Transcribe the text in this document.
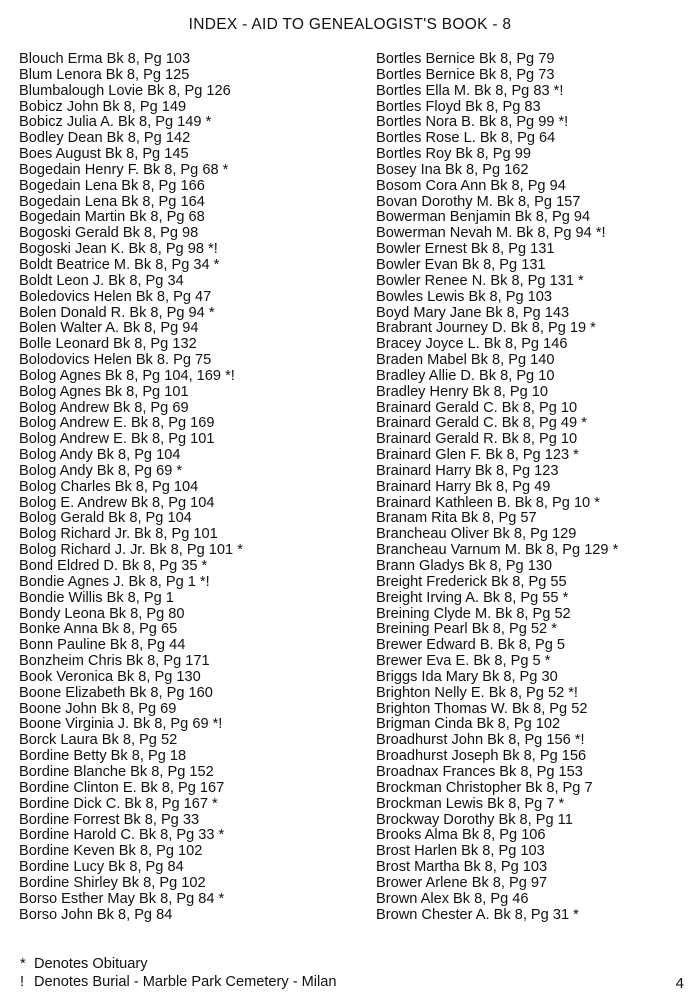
INDEX - AID TO GENEALOGIST'S BOOK - 8
Blouch Erma Bk 8, Pg 103
Blum Lenora Bk 8, Pg 125
Blumbalough Lovie Bk 8, Pg 126
Bobicz John Bk 8, Pg 149
Bobicz Julia A. Bk 8, Pg 149 *
Bodley Dean Bk 8, Pg 142
Boes August Bk 8, Pg 145
Bogedain Henry F. Bk 8, Pg 68 *
Bogedain Lena Bk 8, Pg 166
Bogedain Lena Bk 8, Pg 164
Bogedain Martin Bk 8, Pg 68
Bogoski Gerald Bk 8, Pg 98
Bogoski Jean K. Bk 8, Pg 98 *!
Boldt Beatrice M. Bk 8, Pg 34 *
Boldt Leon J. Bk 8, Pg 34
Boledovics Helen Bk 8, Pg 47
Bolen Donald R. Bk 8, Pg 94 *
Bolen Walter A. Bk 8, Pg 94
Bolle Leonard Bk 8, Pg 132
Bolodovics Helen Bk 8. Pg 75
Bolog Agnes Bk 8, Pg 104, 169 *!
Bolog Agnes Bk 8, Pg 101
Bolog Andrew Bk 8, Pg 69
Bolog Andrew E. Bk 8, Pg 169
Bolog Andrew E. Bk 8, Pg 101
Bolog Andy Bk 8, Pg 104
Bolog Andy Bk 8, Pg 69 *
Bolog Charles Bk 8, Pg 104
Bolog E. Andrew Bk 8, Pg 104
Bolog Gerald Bk 8, Pg 104
Bolog Richard Jr. Bk 8, Pg 101
Bolog Richard J. Jr. Bk 8, Pg 101 *
Bond Eldred D. Bk 8, Pg 35 *
Bondie Agnes J. Bk 8, Pg 1 *!
Bondie Willis Bk 8, Pg 1
Bondy Leona Bk 8, Pg 80
Bonke Anna Bk 8, Pg 65
Bonn Pauline Bk 8, Pg 44
Bonzheim Chris Bk 8, Pg 171
Book Veronica Bk 8, Pg 130
Boone Elizabeth Bk 8, Pg 160
Boone John Bk 8, Pg 69
Boone Virginia J. Bk 8, Pg 69 *!
Borck Laura Bk 8, Pg 52
Bordine Betty Bk 8, Pg 18
Bordine Blanche Bk 8, Pg 152
Bordine Clinton E. Bk 8, Pg 167
Bordine Dick C. Bk 8, Pg 167 *
Bordine Forrest Bk 8, Pg 33
Bordine Harold C. Bk 8, Pg 33 *
Bordine Keven Bk 8, Pg 102
Bordine Lucy Bk 8, Pg 84
Bordine Shirley Bk 8, Pg 102
Borso Esther May Bk 8, Pg 84 *
Borso John Bk 8, Pg 84
Bortles Bernice Bk 8, Pg 79
Bortles Bernice Bk 8, Pg 73
Bortles Ella M. Bk 8, Pg 83 *!
Bortles Floyd Bk 8, Pg 83
Bortles Nora B. Bk 8, Pg 99 *!
Bortles Rose L. Bk 8, Pg 64
Bortles Roy Bk 8, Pg 99
Bosey Ina Bk 8, Pg 162
Bosom Cora Ann Bk 8, Pg 94
Bovan Dorothy M. Bk 8, Pg 157
Bowerman Benjamin Bk 8, Pg 94
Bowerman Nevah M. Bk 8, Pg 94 *!
Bowler Ernest Bk 8, Pg 131
Bowler Evan Bk 8, Pg 131
Bowler Renee N. Bk 8, Pg 131 *
Bowles Lewis Bk 8, Pg 103
Boyd Mary Jane Bk 8, Pg 143
Brabrant Journey D. Bk 8, Pg 19 *
Bracey Joyce L. Bk 8, Pg 146
Braden Mabel Bk 8, Pg 140
Bradley Allie D. Bk 8, Pg 10
Bradley Henry Bk 8, Pg 10
Brainard Gerald C. Bk 8, Pg 10
Brainard Gerald C. Bk 8, Pg 49 *
Brainard Gerald R. Bk 8, Pg 10
Brainard Glen F. Bk 8, Pg 123 *
Brainard Harry Bk 8, Pg 123
Brainard Harry Bk 8, Pg 49
Brainard Kathleen B. Bk 8, Pg 10 *
Branam Rita Bk 8, Pg 57
Brancheau Oliver Bk 8, Pg 129
Brancheau Varnum M. Bk 8, Pg 129 *
Brann Gladys Bk 8, Pg 130
Breight Frederick Bk 8, Pg 55
Breight Irving A. Bk 8, Pg 55 *
Breining Clyde M. Bk 8, Pg 52
Breining Pearl Bk 8, Pg 52 *
Brewer Edward B. Bk 8, Pg 5
Brewer Eva E. Bk 8, Pg 5 *
Briggs Ida Mary Bk 8, Pg 30
Brighton Nelly E. Bk 8, Pg 52 *!
Brighton Thomas W. Bk 8, Pg 52
Brigman Cinda Bk 8, Pg 102
Broadhurst John Bk 8, Pg 156 *!
Broadhurst Joseph Bk 8, Pg 156
Broadnax Frances Bk 8, Pg 153
Brockman Christopher Bk 8, Pg 7
Brockman Lewis Bk 8, Pg 7 *
Brockway Dorothy Bk 8, Pg 11
Brooks Alma Bk 8, Pg 106
Brost Harlen Bk 8, Pg 103
Brost Martha Bk 8, Pg 103
Brower Arlene Bk 8, Pg 97
Brown Alex Bk 8, Pg 46
Brown Chester A. Bk 8, Pg 31 *
* Denotes Obituary
! Denotes Burial - Marble Park Cemetery - Milan	4
